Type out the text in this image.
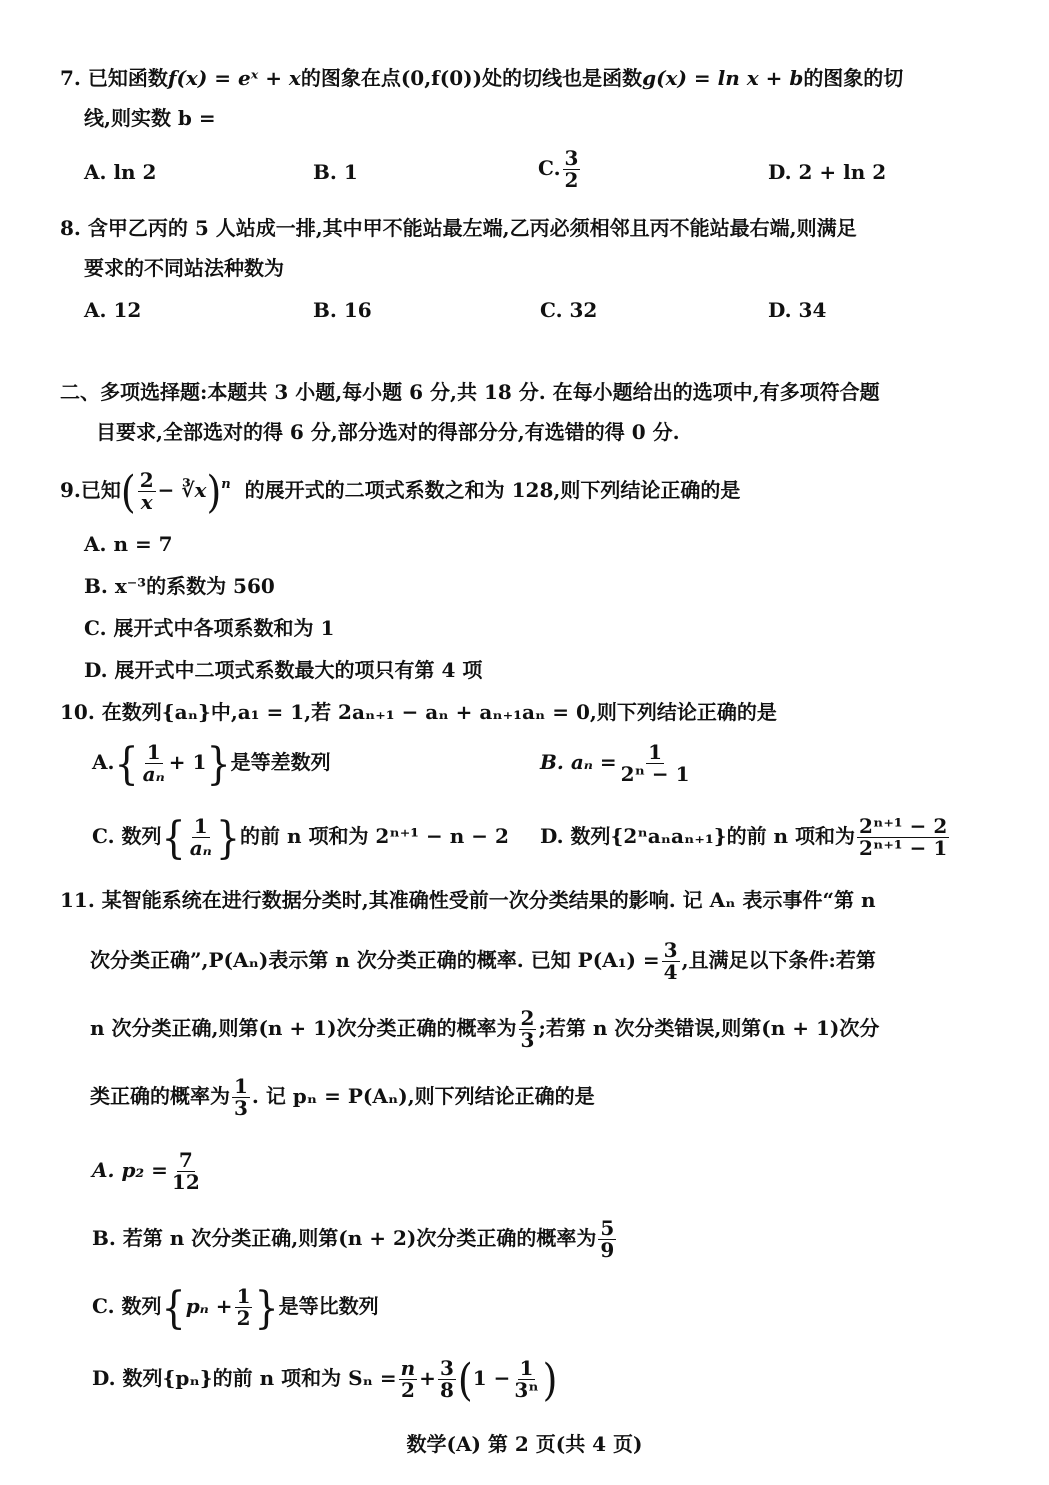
7. 已知函数f(x) = eˣ + x的图象在点(0,f(0))处的切线也是函数g(x) = ln x + b的图象的切
线,则实数 b =
A. ln 2	B. 1	C. $\frac{3}{2}$	D. 2 + ln 2
8. 含甲乙丙的 5 人站成一排,其中甲不能站最左端,乙丙必须相邻且丙不能站最右端,则满足
要求的不同站法种数为
A. 12	B. 16	C. 32	D. 34
二、多项选择题:本题共 3 小题,每小题 6 分,共 18 分. 在每小题给出的选项中,有多项符合题
目要求,全部选对的得 6 分,部分选对的得部分分,有选错的得 0 分.
9.已知( $\frac{2}{x}$ − ∛x)$^n$ 的展开式的二项式系数之和为 128,则下列结论正确的是
A. n = 7
B. x⁻³的系数为 560
C. 展开式中各项系数和为 1
D. 展开式中二项式系数最大的项只有第 4 项
10. 在数列{aₙ}中,a₁ = 1,若 2aₙ₊₁ − aₙ + aₙ₊₁aₙ = 0,则下列结论正确的是
$A.\{ \frac{1}{\text{aₙ}} + 1\}$是等差数列	B. $a_n = \frac{1}{\text{2ⁿ − 1}}$
C. 数列{ $\frac{1}{\text{aₙ}}$ }的前 n 项和为 2ⁿ⁺¹ − n − 2 D. 数列{2ⁿaₙaₙ₊₁}的前 n 项和为 $\frac{\text{2ⁿ⁺¹ − 2}}{\text{2ⁿ⁺¹ − 1}}$
11. 某智能系统在进行数据分类时,其准确性受前一次分类结果的影响. 记 Aₙ 表示事件“第 n
次分类正确”,P(Aₙ)表示第 n 次分类正确的概率. 已知 $P(A_1) = \frac{3}{4}$ ,且满足以下条件:若第
n 次分类正确,则第(n + 1)次分类正确的概率为 $\frac{2}{3}$ ;若第 n 次分类错误,则第(n + 1)次分
类正确的概率为 $\frac{1}{3}$ . 记 pₙ = P(Aₙ),则下列结论正确的是
A. $p_2 = \frac{7}{12}$
B. 若第 n 次分类正确,则第(n + 2)次分类正确的概率为 $\frac{5}{9}$
C. 数列{$p_n + \frac{1}{2}$ }是等比数列
D. 数列{pₙ}的前 n 项和为 $S_n = \frac{n}{2} + \frac{3}{8} (1 - \frac{1}{\text{3ⁿ}}$ )
数学(A) 第 2 页(共 4 页)
